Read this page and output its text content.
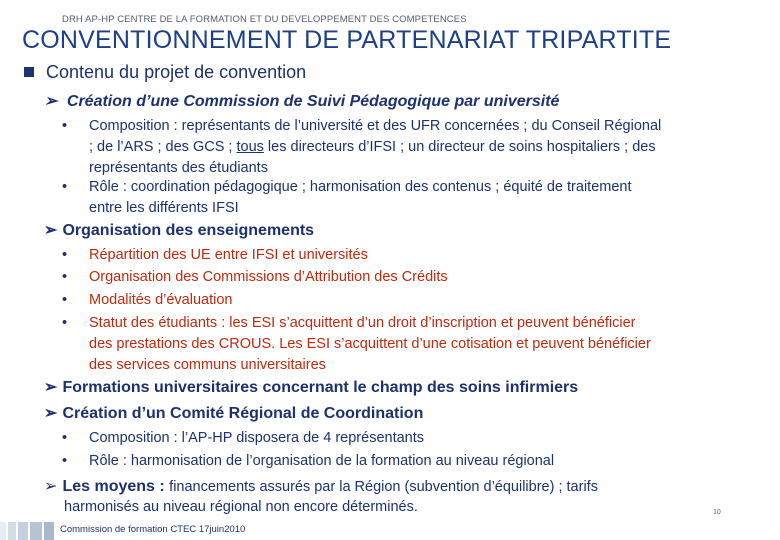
DRH AP-HP CENTRE DE LA FORMATION ET DU DEVELOPPEMENT DES COMPETENCES
CONVENTIONNEMENT DE PARTENARIAT TRIPARTITE
Contenu du projet de convention
➢ Création d’une Commission de Suivi Pédagogique par université
• Composition : représentants de l’université et des UFR concernées ; du Conseil Régional
; de l’ARS ; des GCS ; tous les directeurs d’IFSI ; un directeur de soins hospitaliers ; des
représentants des étudiants
• Rôle : coordination pédagogique ; harmonisation des contenus ; équité de traitement
entre les différents IFSI
➢ Organisation des enseignements
• Répartition des UE entre IFSI et universités
• Organisation des Commissions d’Attribution des Crédits
• Modalités d’évaluation
• Statut des étudiants : les ESI s’acquittent d’un droit d’inscription et peuvent bénéficier
des prestations des CROUS. Les ESI s’acquittent d’une cotisation et peuvent bénéficier
des services communs universitaires
➢ Formations universitaires concernant le champ des soins infirmiers
➢ Création d’un Comité Régional de Coordination
• Composition : l’AP-HP disposera de 4 représentants
• Rôle : harmonisation de l’organisation de la formation au niveau régional
➢ Les moyens : financements assurés par la Région (subvention d’équilibre) ; tarifs
harmonisés au niveau régional non encore déterminés.	10
Commission de formation CTEC 17juin2010
